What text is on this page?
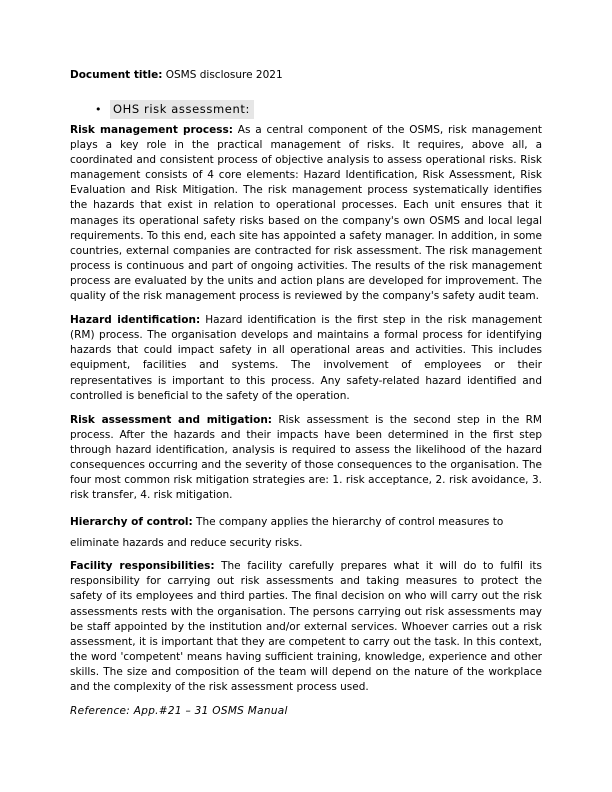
Document title: OSMS disclosure 2021
•	OHS risk assessment:

Risk management process: As a central component of the OSMS, risk management plays a key role in the practical management of risks. It requires, above all, a coordinated and consistent process of objective analysis to assess operational risks. Risk management consists of 4 core elements: Hazard Identification, Risk Assessment, Risk Evaluation and Risk Mitigation. The risk management process systematically identifies the hazards that exist in relation to operational processes. Each unit ensures that it manages its operational safety risks based on the company's own OSMS and local legal requirements. To this end, each site has appointed a safety manager. In addition, in some countries, external companies are contracted for risk assessment. The risk management process is continuous and part of ongoing activities. The results of the risk management process are evaluated by the units and action plans are developed for improvement. The quality of the risk management process is reviewed by the company's safety audit team.

Hazard identification: Hazard identification is the first step in the risk management (RM) process. The organisation develops and maintains a formal process for identifying hazards that could impact safety in all operational areas and activities. This includes equipment, facilities and systems. The involvement of employees or their representatives is important to this process. Any safety-related hazard identified and controlled is beneficial to the safety of the operation.

Risk assessment and mitigation: Risk assessment is the second step in the RM process. After the hazards and their impacts have been determined in the first step through hazard identification, analysis is required to assess the likelihood of the hazard consequences occurring and the severity of those consequences to the organisation. The four most common risk mitigation strategies are: 1. risk acceptance, 2. risk avoidance, 3. risk transfer, 4. risk mitigation.

Hierarchy of control: The company applies the hierarchy of control measures to eliminate hazards and reduce security risks.

Facility responsibilities: The facility carefully prepares what it will do to fulfil its responsibility for carrying out risk assessments and taking measures to protect the safety of its employees and third parties. The final decision on who will carry out the risk assessments rests with the organisation. The persons carrying out risk assessments may be staff appointed by the institution and/or external services. Whoever carries out a risk assessment, it is important that they are competent to carry out the task. In this context, the word 'competent' means having sufficient training, knowledge, experience and other skills. The size and composition of the team will depend on the nature of the workplace and the complexity of the risk assessment process used.

Reference: App.#21 – 31 OSMS Manual
